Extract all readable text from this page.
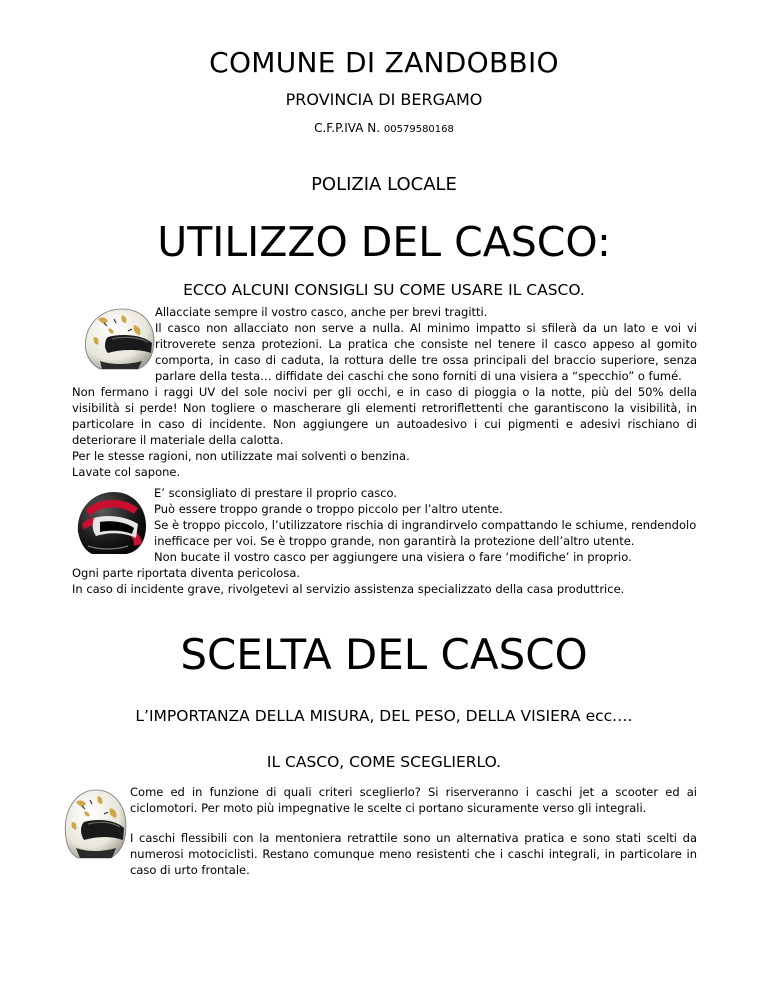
COMUNE DI ZANDOBBIO
PROVINCIA DI BERGAMO
C.F.P.IVA N. 00579580168
POLIZIA LOCALE
UTILIZZO DEL CASCO:
ECCO ALCUNI CONSIGLI SU COME USARE IL CASCO.

Allacciate sempre il vostro casco, anche per brevi tragitti.

Il casco non allacciato non serve a nulla. Al minimo impatto si sfilerà da un lato e voi vi ritroverete senza protezioni. La pratica che consiste nel tenere il casco appeso al gomito comporta, in caso di caduta, la rottura delle tre ossa principali del braccio superiore, senza parlare della testa… diffidate dei caschi che sono forniti di una visiera a “specchio” o fumé.

Non fermano i raggi UV del sole nocivi per gli occhi, e in caso di pioggia o la notte, più del 50% della visibilità si perde! Non togliere o mascherare gli elementi retroriflettenti che garantiscono la visibilità, in particolare in caso di incidente. Non aggiungere un autoadesivo i cui pigmenti e adesivi rischiano di deteriorare il materiale della calotta.

Per le stesse ragioni, non utilizzate mai solventi o benzina.

Lavate col sapone.

E’ sconsigliato di prestare il proprio casco.

Può essere troppo grande o troppo piccolo per l’altro utente.

Se è troppo piccolo, l’utilizzatore rischia di ingrandirvelo compattando le schiume, rendendolo inefficace per voi. Se è troppo grande, non garantirà la protezione dell’altro utente.

Non bucate il vostro casco per aggiungere una visiera o fare ‘modifiche’ in proprio.

Ogni parte riportata diventa pericolosa.

In caso di incidente grave, rivolgetevi al servizio assistenza specializzato della casa produttrice.

SCELTA DEL CASCO
L’IMPORTANZA DELLA MISURA, DEL PESO, DELLA VISIERA ecc.…
IL CASCO, COME SCEGLIERLO.

Come ed in funzione di quali criteri sceglierlo? Si riserveranno i caschi jet a scooter ed ai ciclomotori. Per moto più impegnative le scelte ci portano sicuramente verso gli integrali.

I caschi flessibili con la mentoniera retrattile sono un alternativa pratica e sono stati scelti da numerosi motociclisti. Restano comunque meno resistenti che i caschi integrali, in particolare in caso di urto frontale.
